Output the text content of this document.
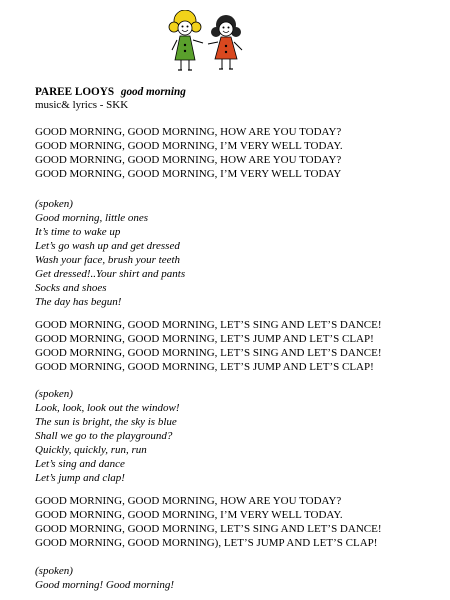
PAREE LOOYS good morning
music& lyrics - SKK
GOOD MORNING, GOOD MORNING, HOW ARE YOU TODAY?
GOOD MORNING, GOOD MORNING, I’M VERY WELL TODAY.
GOOD MORNING, GOOD MORNING, HOW ARE YOU TODAY?
GOOD MORNING, GOOD MORNING, I’M VERY WELL TODAY
(spoken)
Good morning, little ones
It’s time to wake up
Let’s go wash up and get dressed
Wash your face, brush your teeth
Get dressed!..Your shirt and pants
Socks and shoes
The day has begun!
GOOD MORNING, GOOD MORNING, LET’S SING AND LET’S DANCE!
GOOD MORNING, GOOD MORNING, LET’S JUMP AND LET’S CLAP!
GOOD MORNING, GOOD MORNING, LET’S SING AND LET’S DANCE!
GOOD MORNING, GOOD MORNING, LET’S JUMP AND LET’S CLAP!
(spoken)
Look, look, look out the window!
The sun is bright, the sky is blue
Shall we go to the playground?
Quickly, quickly, run, run
Let’s sing and dance
Let’s jump and clap!
GOOD MORNING, GOOD MORNING, HOW ARE YOU TODAY?
GOOD MORNING, GOOD MORNING, I’M VERY WELL TODAY.
GOOD MORNING, GOOD MORNING, LET’S SING AND LET’S DANCE!
GOOD MORNING, GOOD MORNING), LET’S JUMP AND LET’S CLAP!
(spoken)
Good morning! Good morning!
